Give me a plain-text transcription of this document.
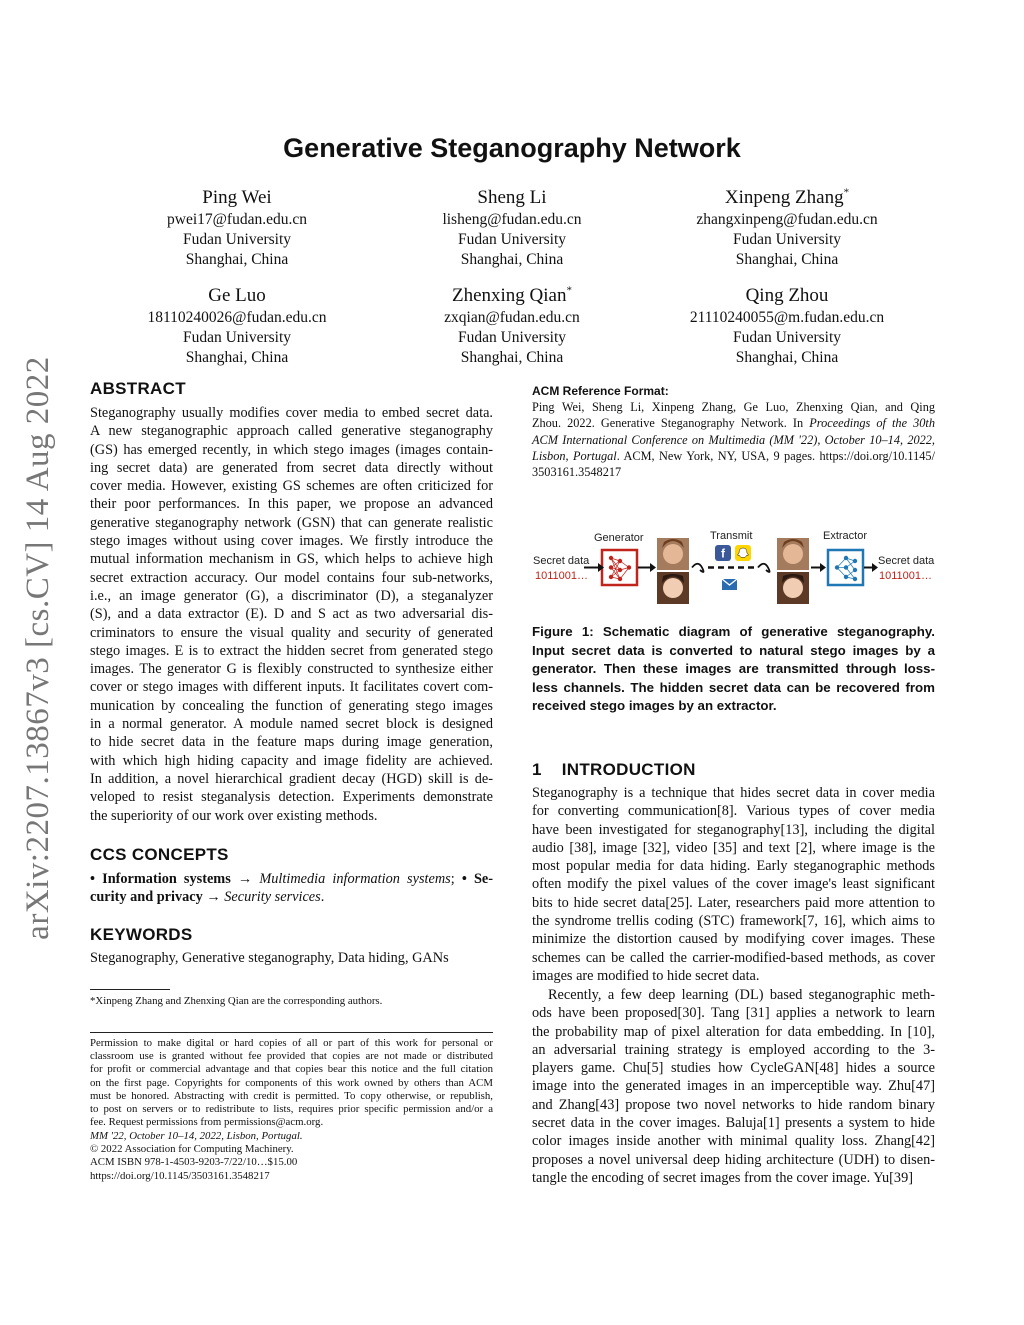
Generative Steganography Network
Ping Wei
pwei17@fudan.edu.cn
Fudan University
Shanghai, China
Sheng Li
lisheng@fudan.edu.cn
Fudan University
Shanghai, China
Xinpeng Zhang*
zhangxinpeng@fudan.edu.cn
Fudan University
Shanghai, China
Ge Luo
18110240026@fudan.edu.cn
Fudan University
Shanghai, China
Zhenxing Qian*
zxqian@fudan.edu.cn
Fudan University
Shanghai, China
Qing Zhou
21110240055@m.fudan.edu.cn
Fudan University
Shanghai, China
arXiv:2207.13867v3 [cs.CV] 14 Aug 2022 ABSTRACT
Steganography usually modifies cover media to embed secret data.
A new steganographic approach called generative steganography
(GS) has emerged recently, in which stego images (images contain-
ing secret data) are generated from secret data directly without
cover media. However, existing GS schemes are often criticized for
their poor performances. In this paper, we propose an advanced
generative steganography network (GSN) that can generate realistic
stego images without using cover images. We firstly introduce the
mutual information mechanism in GS, which helps to achieve high
secret extraction accuracy. Our model contains four sub-networks,
i.e., an image generator (G), a discriminator (D), a steganalyzer
(S), and a data extractor (E). D and S act as two adversarial dis-
criminators to ensure the visual quality and security of generated
stego images. E is to extract the hidden secret from generated stego
images. The generator G is flexibly constructed to synthesize either
cover or stego images with different inputs. It facilitates covert com-
munication by concealing the function of generating stego images
in a normal generator. A module named secret block is designed
to hide secret data in the feature maps during image generation,
with which high hiding capacity and image fidelity are achieved.
In addition, a novel hierarchical gradient decay (HGD) skill is de-
veloped to resist steganalysis detection. Experiments demonstrate
the superiority of our work over existing methods.
CCS CONCEPTS
• Information systems → Multimedia information systems; • Se-
curity and privacy → Security services.
KEYWORDS
Steganography, Generative steganography, Data hiding, GANs
*Xinpeng Zhang and Zhenxing Qian are the corresponding authors.
Permission to make digital or hard copies of all or part of this work for personal or
classroom use is granted without fee provided that copies are not made or distributed
for profit or commercial advantage and that copies bear this notice and the full citation
on the first page. Copyrights for components of this work owned by others than ACM
must be honored. Abstracting with credit is permitted. To copy otherwise, or republish,
to post on servers or to redistribute to lists, requires prior specific permission and/or a
fee. Request permissions from permissions@acm.org.
MM '22, October 10–14, 2022, Lisbon, Portugal.
© 2022 Association for Computing Machinery.
ACM ISBN 978-1-4503-9203-7/22/10…$15.00
https://doi.org/10.1145/3503161.3548217
ACM Reference Format:
Ping Wei, Sheng Li, Xinpeng Zhang, Ge Luo, Zhenxing Qian, and Qing
Zhou. 2022. Generative Steganography Network. In Proceedings of the 30th
ACM International Conference on Multimedia (MM '22), October 10–14, 2022,
Lisbon, Portugal. ACM, New York, NY, USA, 9 pages. https://doi.org/10.1145/
3503161.3548217
f
Generator	Transmit	Extractor
Secret data
1011001…
Secret data
1011001…
Figure 1: Schematic diagram of generative steganography.
Input secret data is converted to natural stego images by a
generator. Then these images are transmitted through loss-
less channels. The hidden secret data can be recovered from
received stego images by an extractor.
1 INTRODUCTION
Steganography is a technique that hides secret data in cover media
for converting communication[8]. Various types of cover media
have been investigated for steganography[13], including the digital
audio [38], image [32], video [35] and text [2], where image is the
most popular media for data hiding. Early steganographic methods
often modify the pixel values of the cover image's least significant
bits to hide secret data[25]. Later, researchers paid more attention to
the syndrome trellis coding (STC) framework[7, 16], which aims to
minimize the distortion caused by modifying cover images. These
schemes can be called the carrier-modified-based methods, as cover
images are modified to hide secret data.
Recently, a few deep learning (DL) based steganographic meth-
ods have been proposed[30]. Tang [31] applies a network to learn
the probability map of pixel alteration for data embedding. In [10],
an adversarial training strategy is employed according to the 3-
players game. Chu[5] studies how CycleGAN[48] hides a source
image into the generated images in an imperceptible way. Zhu[47]
and Zhang[43] propose two novel networks to hide random binary
secret data in the cover images. Baluja[1] presents a system to hide
color images inside another with minimal quality loss. Zhang[42]
proposes a novel universal deep hiding architecture (UDH) to disen-
tangle the encoding of secret images from the cover image. Yu[39]
